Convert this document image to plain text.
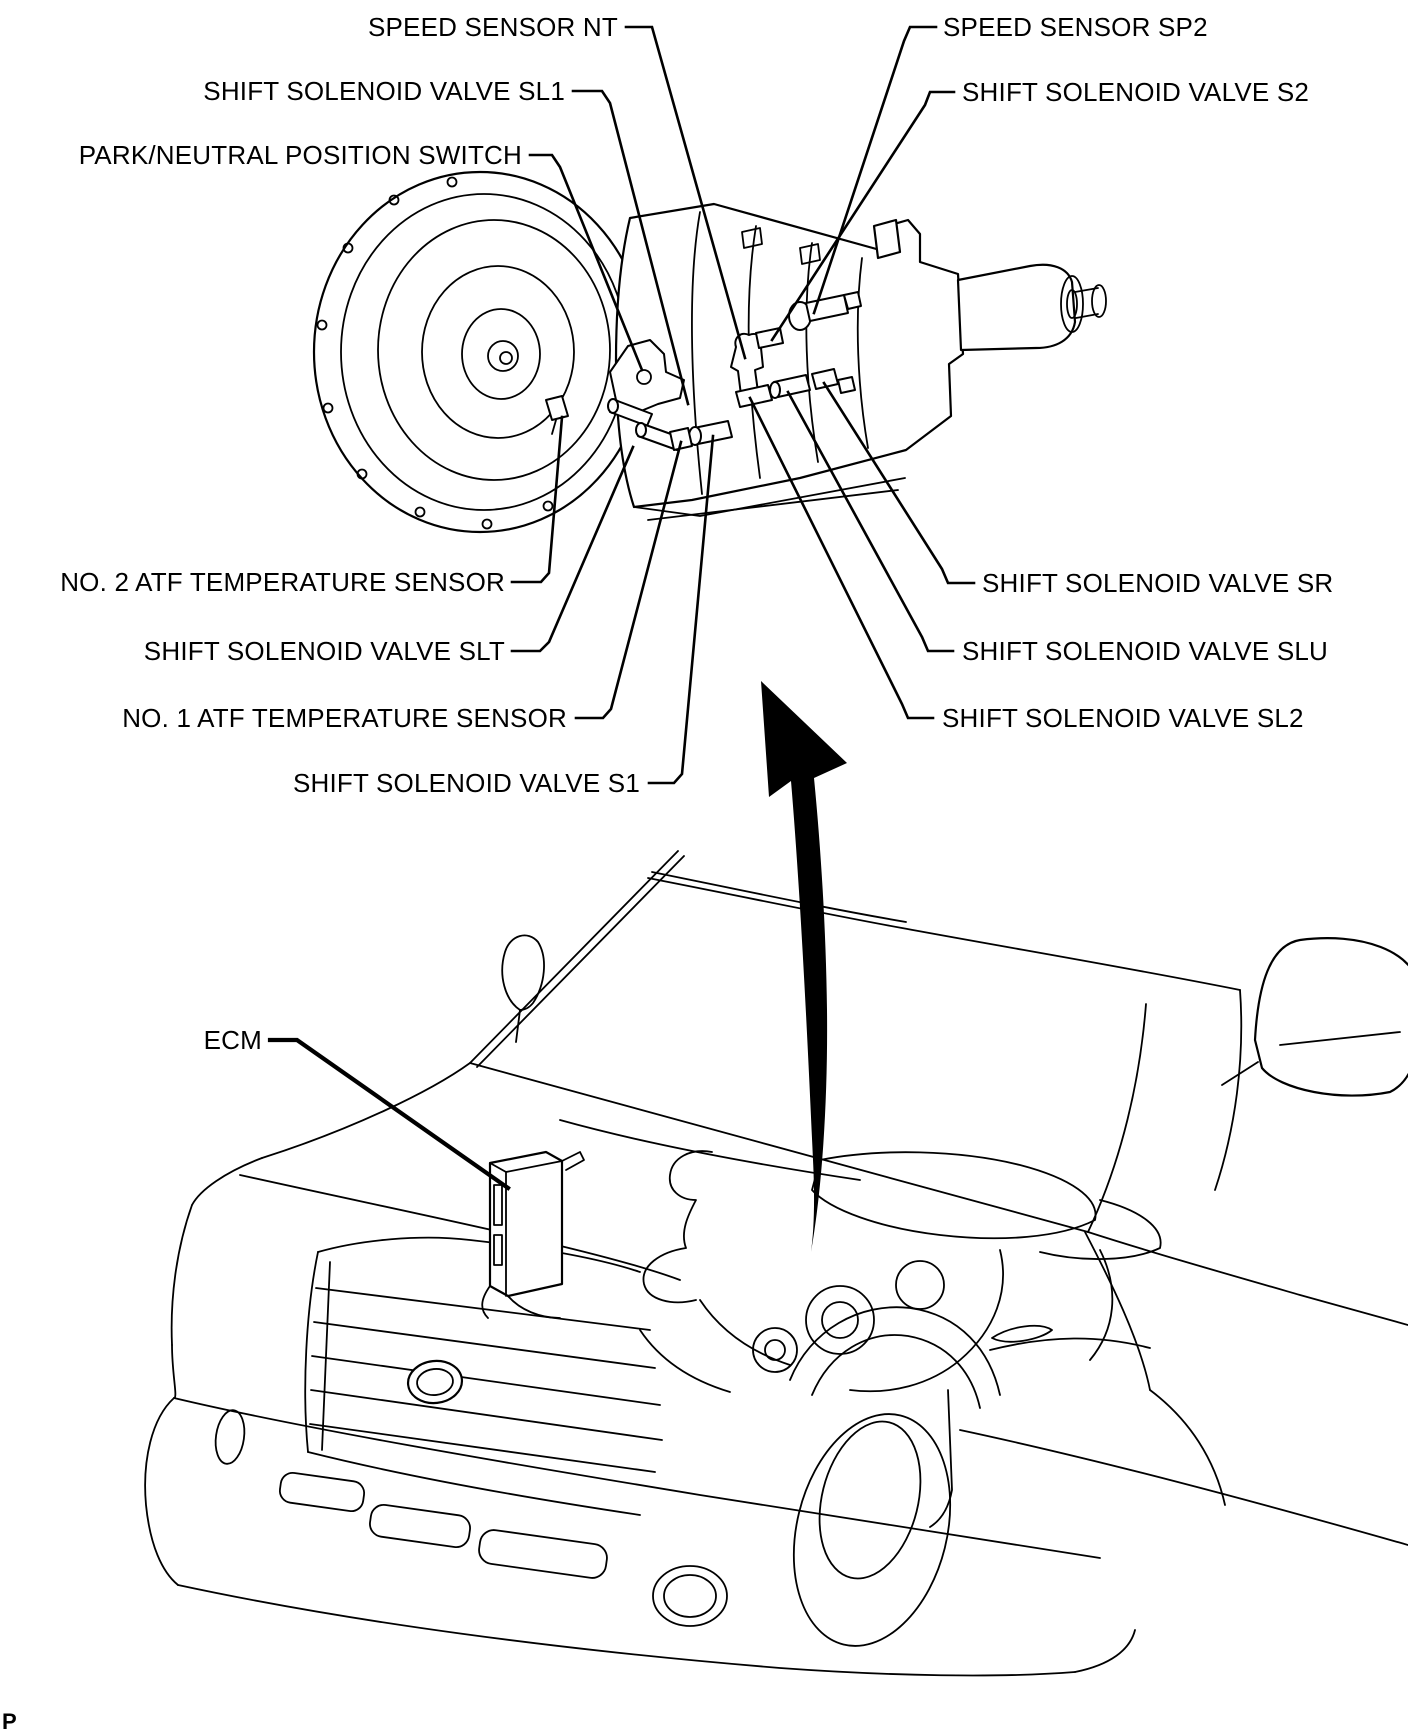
SPEED SENSOR NT
SHIFT SOLENOID VALVE SL1
PARK/NEUTRAL POSITION SWITCH
NO. 2 ATF TEMPERATURE SENSOR
SHIFT SOLENOID VALVE SLT
NO. 1 ATF TEMPERATURE SENSOR
SHIFT SOLENOID VALVE S1
SPEED SENSOR SP2
SHIFT SOLENOID VALVE S2
SHIFT SOLENOID VALVE SR
SHIFT SOLENOID VALVE SLU
SHIFT SOLENOID VALVE SL2
ECM
P
